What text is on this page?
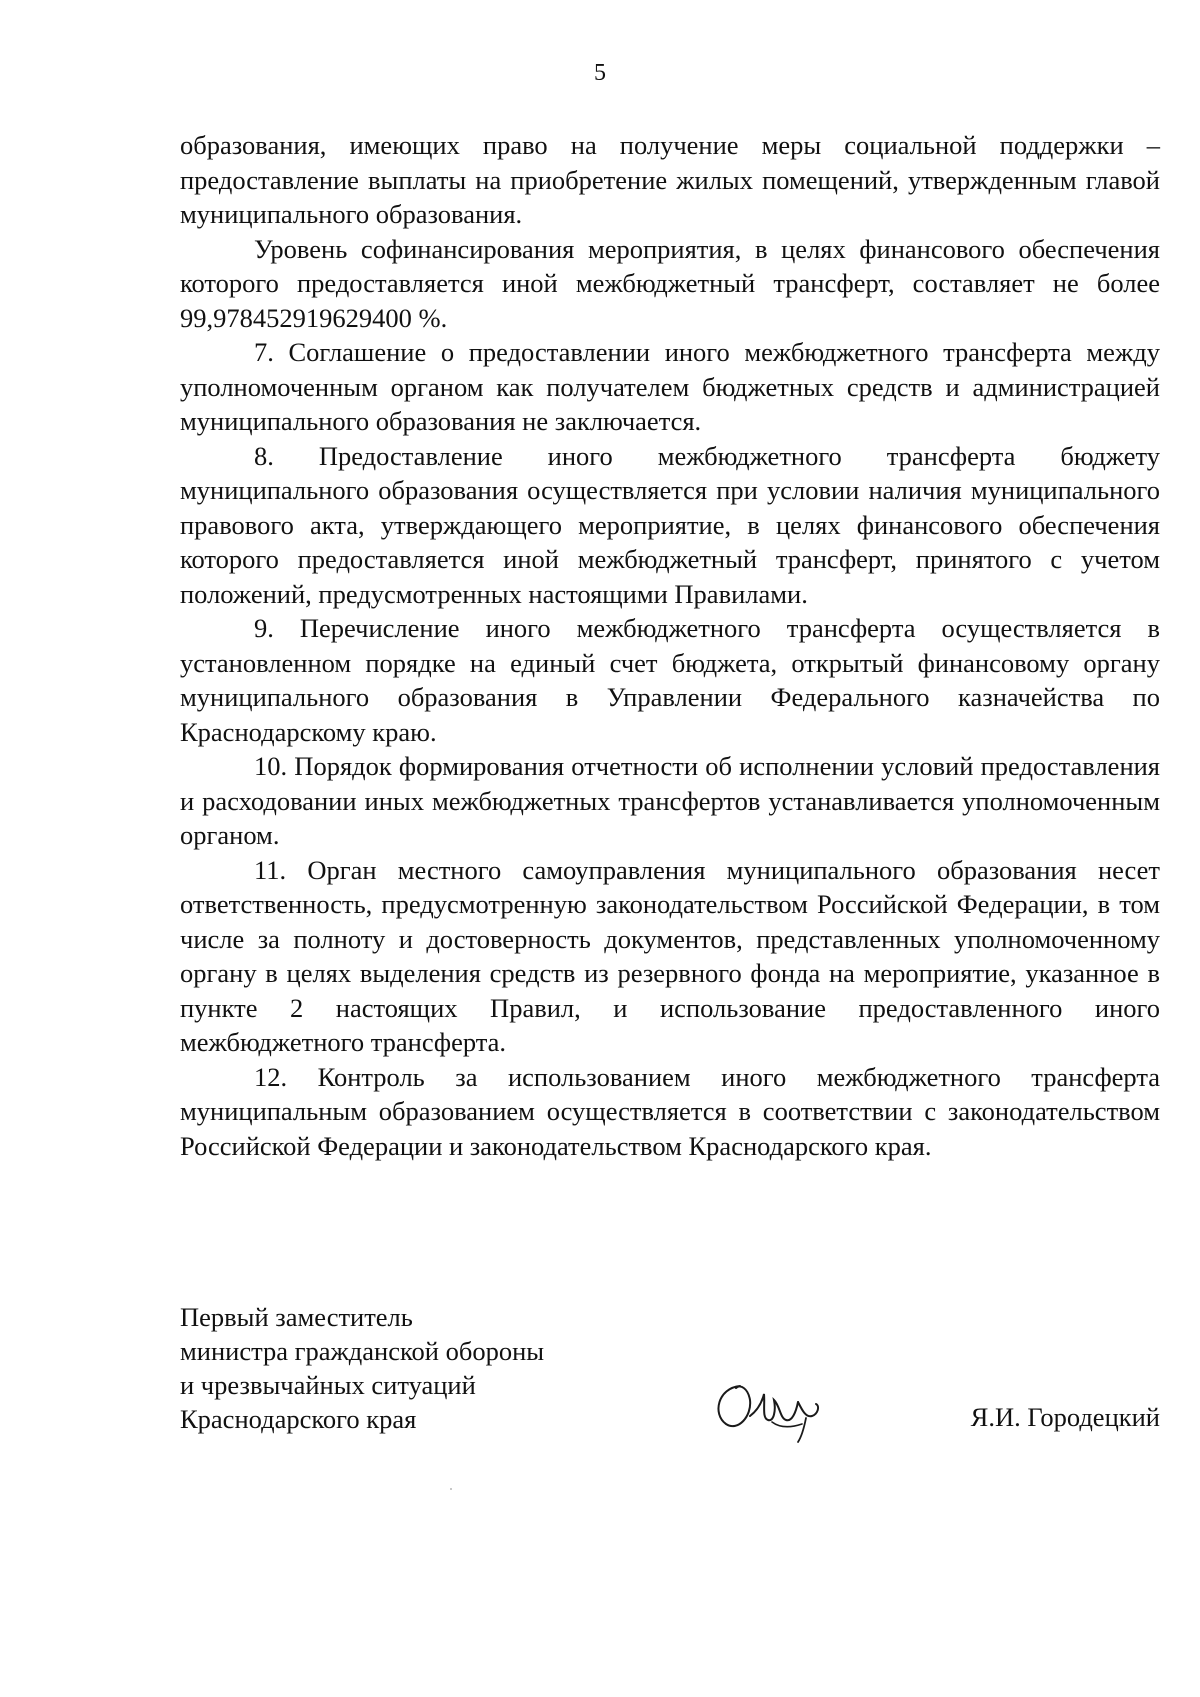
5

образования, имеющих право на получение меры социальной поддержки – предоставление выплаты на приобретение жилых помещений, утвержденным главой муниципального образования.

Уровень софинансирования мероприятия, в целях финансового обеспечения которого предоставляется иной межбюджетный трансферт, составляет не более 99,978452919629400 %.

7. Соглашение о предоставлении иного межбюджетного трансферта между уполномоченным органом как получателем бюджетных средств и администрацией муниципального образования не заключается.

8. Предоставление иного межбюджетного трансферта бюджету муниципального образования осуществляется при условии наличия муниципального правового акта, утверждающего мероприятие, в целях финансового обеспечения которого предоставляется иной межбюджетный трансферт, принятого с учетом положений, предусмотренных настоящими Правилами.

9. Перечисление иного межбюджетного трансферта осуществляется в установленном порядке на единый счет бюджета, открытый финансовому органу муниципального образования в Управлении Федерального казначейства по Краснодарскому краю.

10. Порядок формирования отчетности об исполнении условий предоставления и расходовании иных межбюджетных трансфертов устанавливается уполномоченным органом.

11. Орган местного самоуправления муниципального образования несет ответственность, предусмотренную законодательством Российской Федерации, в том числе за полноту и достоверность документов, представленных уполномоченному органу в целях выделения средств из резервного фонда на мероприятие, указанное в пункте 2 настоящих Правил, и использование предоставленного иного межбюджетного трансферта.

12. Контроль за использованием иного межбюджетного трансферта муниципальным образованием осуществляется в соответствии с законодательством Российской Федерации и законодательством Краснодарского края.

Первый заместитель
министра гражданской обороны
и чрезвычайных ситуаций
Краснодарского края	Я.И. Городецкий
